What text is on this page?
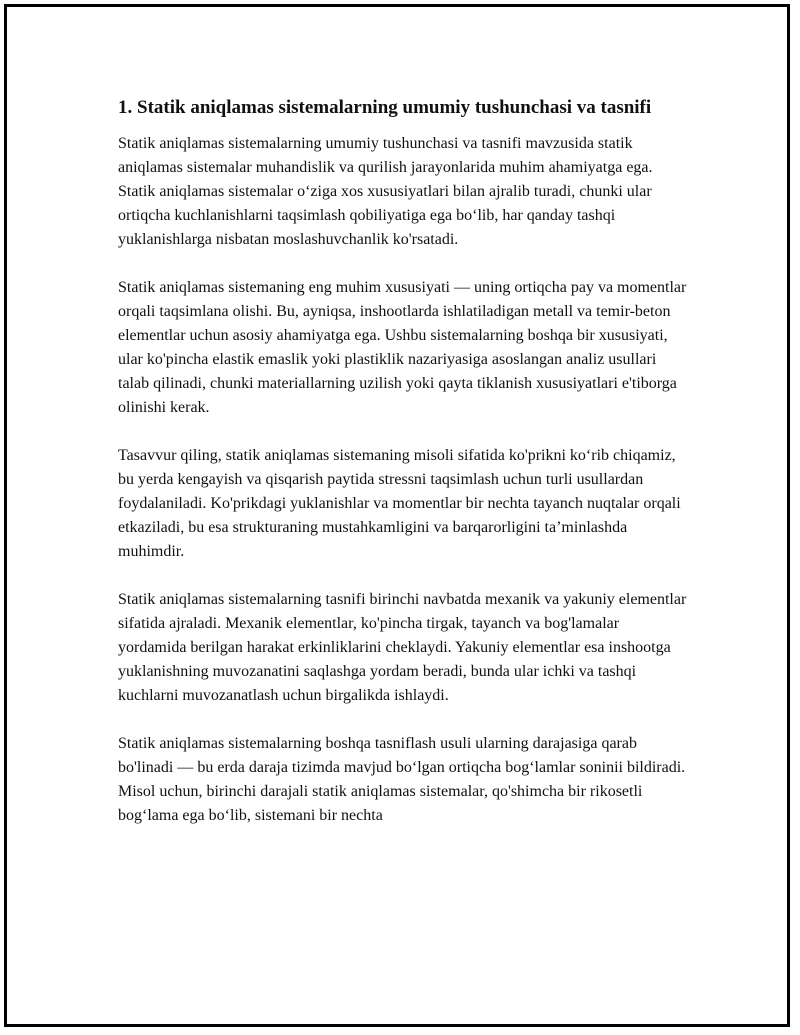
1. Statik aniqlamas sistemalarning umumiy tushunchasi va tasnifi

Statik aniqlamas sistemalarning umumiy tushunchasi va tasnifi mavzusida statik aniqlamas sistemalar muhandislik va qurilish jarayonlarida muhim ahamiyatga ega. Statik aniqlamas sistemalar o‘ziga xos xususiyatlari bilan ajralib turadi, chunki ular ortiqcha kuchlanishlarni taqsimlash qobiliyatiga ega bo‘lib, har qanday tashqi yuklanishlarga nisbatan moslashuvchanlik ko'rsatadi.

Statik aniqlamas sistemaning eng muhim xususiyati — uning ortiqcha pay va momentlar orqali taqsimlana olishi. Bu, ayniqsa, inshootlarda ishlatiladigan metall va temir-beton elementlar uchun asosiy ahamiyatga ega. Ushbu sistemalarning boshqa bir xususiyati, ular ko'pincha elastik emaslik yoki plastiklik nazariyasiga asoslangan analiz usullari talab qilinadi, chunki materiallarning uzilish yoki qayta tiklanish xususiyatlari e'tiborga olinishi kerak.

Tasavvur qiling, statik aniqlamas sistemaning misoli sifatida ko'prikni ko‘rib chiqamiz, bu yerda kengayish va qisqarish paytida stressni taqsimlash uchun turli usullardan foydalaniladi. Ko'prikdagi yuklanishlar va momentlar bir nechta tayanch nuqtalar orqali etkaziladi, bu esa strukturaning mustahkamligini va barqarorligini ta’minlashda muhimdir.

Statik aniqlamas sistemalarning tasnifi birinchi navbatda mexanik va yakuniy elementlar sifatida ajraladi. Mexanik elementlar, ko'pincha tirgak, tayanch va bog'lamalar yordamida berilgan harakat erkinliklarini cheklaydi. Yakuniy elementlar esa inshootga yuklanishning muvozanatini saqlashga yordam beradi, bunda ular ichki va tashqi kuchlarni muvozanatlash uchun birgalikda ishlaydi.

Statik aniqlamas sistemalarning boshqa tasniflash usuli ularning darajasiga qarab bo'linadi — bu erda daraja tizimda mavjud bo‘lgan ortiqcha bog‘lamlar soninii bildiradi. Misol uchun, birinchi darajali statik aniqlamas sistemalar, qo'shimcha bir rikosetli bog‘lama ega bo‘lib, sistemani bir nechta
